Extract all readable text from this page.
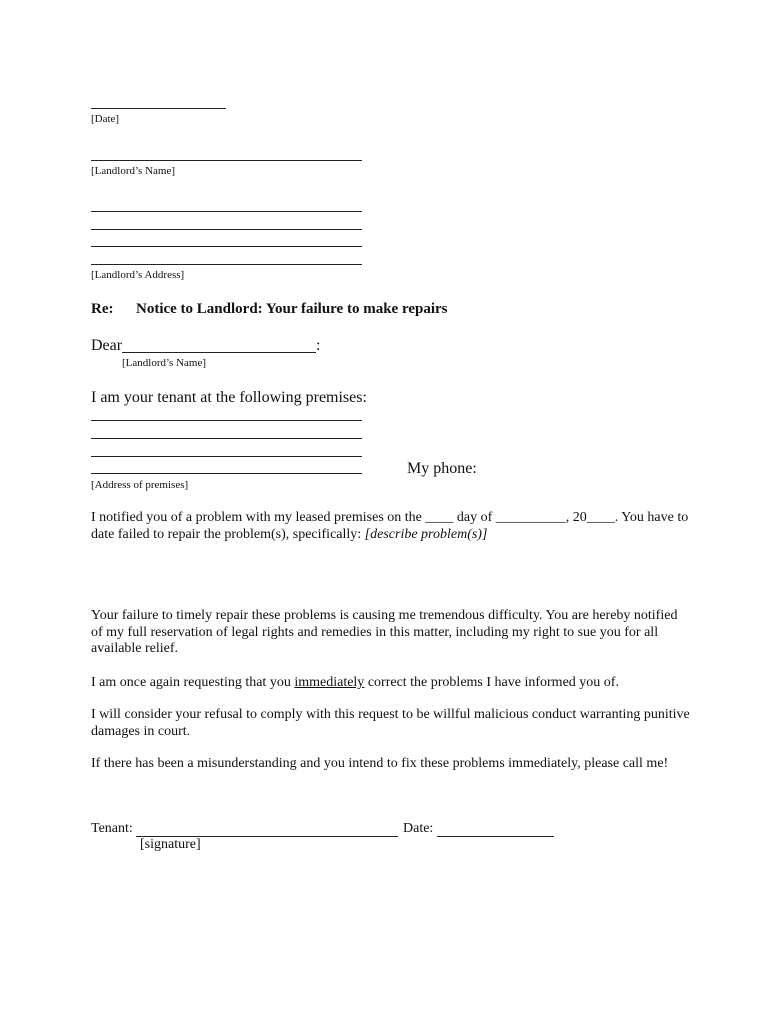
[Date]
[Landlord’s Name]
[Landlord’s Address]
Re: Notice to Landlord: Your failure to make repairs
Dear	:
[Landlord’s Name]
I am your tenant at the following premises:
My phone:
[Address of premises]
I notified you of a problem with my leased premises on the ____ day of __________, 20____. You have to date failed to repair the problem(s), specifically: [describe problem(s)]
Your failure to timely repair these problems is causing me tremendous difficulty. You are hereby notified of my full reservation of legal rights and remedies in this matter, including my right to sue you for all available relief.
I am once again requesting that you immediately correct the problems I have informed you of.
I will consider your refusal to comply with this request to be willful malicious conduct warranting punitive damages in court.
If there has been a misunderstanding and you intend to fix these problems immediately, please call me!
Tenant:	Date:
[signature]
